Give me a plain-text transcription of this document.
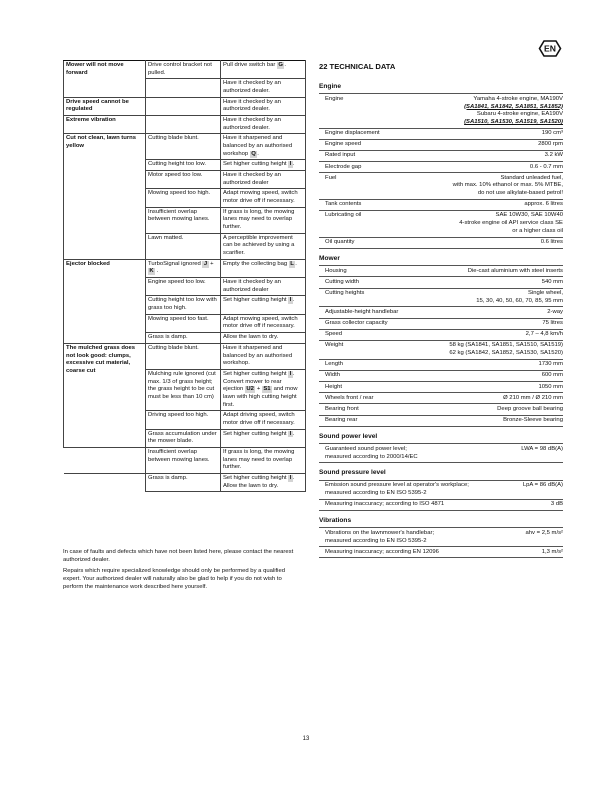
EN
Mower will not move forward	Drive control bracket not pulled.	Pull drive switch bar G.
		Have it checked by an authorized dealer.
Drive speed cannot be regulated		Have it checked by an authorized dealer.
Extreme vibration		Have it checked by an authorized dealer.
Cut not clean, lawn turns yellow	Cutting blade blunt.	Have it sharpened and balanced by an authorised workshop Q.
	Cutting height too low.	Set higher cutting height I.
	Motor speed too low.	Have it checked by an authorized dealer
	Mowing speed too high.	Adapt mowing speed, switch motor drive off if necessary.
	Insufficient overlap between mowing lanes.	If grass is long, the mowing lanes may need to overlap further.
	Lawn matted.	A perceptible improvement can be achieved by using a scarifier.
Ejector blocked	TurboSignal ignored J + K .	Empty the collecting bag L.
	Engine speed too low.	Have it checked by an authorized dealer
	Cutting height too low with grass too high.	Set higher cutting height I.
	Mowing speed too fast.	Adapt mowing speed, switch motor drive off if necessary.
	Grass is damp.	Allow the lawn to dry.
The mulched grass does not look good: clumps, excessive cut material, coarse cut	Cutting blade blunt.	Have it sharpened and balanced by an authorised workshop.
	Mulching rule ignored (cut max. 1/3 of grass height; the grass height to be cut must be less than 10 cm)	Set higher cutting height I.
Convert mower to rear ejection U2 + S1 and mow lawn with high cutting height first.
	Driving speed too high.	Adapt driving speed, switch motor drive off if necessary.
	Grass accumulation under the mower blade.	Set higher cutting height I.
	Insufficient overlap between mowing lanes.	If grass is long, the mowing lanes may need to overlap further.
	Grass is damp.	Set higher cutting height I.
Allow the lawn to dry.

In case of faults and defects which have not been listed here, please contact the nearest authorized dealer.

Repairs which require specialized knowledge should only be performed by a qualified expert. Your authorized dealer will naturally also be glad to help if you do not wish to perform the maintenance work described here yourself.

22 TECHNICAL DATA
Engine
Engine	Yamaha 4-stroke engine, MA190V
(SA1841, SA1842, SA1851, SA1852)
Subaru 4-stroke engine, EA190V
(SA1510, SA1530, SA1519, SA1520)
Engine displacement	190 cm³
Engine speed	2800 rpm
Rated input	3.2 kW
Electrode gap	0.6 - 0.7 mm
Fuel	Standard unleaded fuel,
with max. 10% ethanol or max. 5% MTBE,
do not use alkylate-based petrol!
Tank contents	approx. 6 litres
Lubricating oil	SAE 10W30, SAE 10W40
4-stroke engine oil API service class SE
or a higher class oil
Oil quantity	0.6 litres
Mower
Housing	Die-cast aluminium with steel inserts
Cutting width	540 mm
Cutting heights	Single wheel,
15, 30, 40, 50, 60, 70, 85, 95 mm
Adjustable-height handlebar	2-way
Grass collector capacity	75 litres
Speed	2,7 – 4,8 km/h
Weight	58 kg (SA1841, SA1851, SA1510, SA1519)
62 kg (SA1842, SA1852, SA1530, SA1520)
Length	1730 mm
Width	600 mm
Height	1050 mm
Wheels front / rear	Ø 210 mm / Ø 210 mm
Bearing front	Deep groove ball bearing
Bearing rear	Bronze-Sleeve bearing
Sound power level
Guaranteed sound power level;
measured according to 2000/14/EC
LWA = 98 dB(A)
Sound pressure level
Emission sound pressure level at operator's workplace;
measured according to EN ISO 5395-2
LpA = 86 dB(A)
Measuring inaccuracy; according to ISO 4871	3 dB
Vibrations
Vibrations on the lawnmower's handlebar;
measured according to EN ISO 5395-2
ahv = 2,5 m/s²
Measuring inaccuracy; according EN 12096	1,3 m/s²
13
